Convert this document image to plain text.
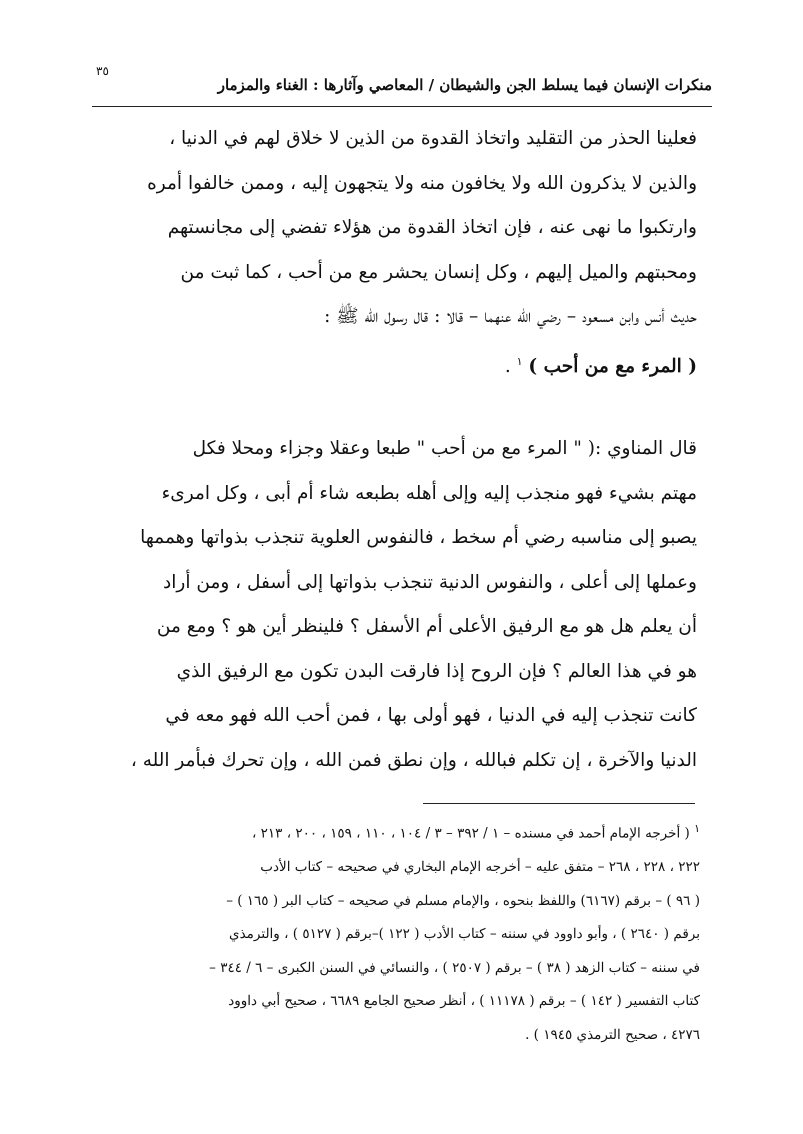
منكرات الإنسان فيما يسلط الجن والشيطان / المعاصي وآثارها : الغناء والمزمار
٣٥
فعلينا الحذر من التقليد واتخاذ القدوة من الذين لا خلاق لهم في الدنيا ،
والذين لا يذكرون الله ولا يخافون منه ولا يتجهون إليه ، وممن خالفوا أمره
وارتكبوا ما نهى عنه ، فإن اتخاذ القدوة من هؤلاء تفضي إلى مجانستهم
ومحبتهم والميل إليهم ، وكل إنسان يحشر مع من أحب ، كما ثبت من
حديث أنس وابن مسعود – رضي الله عنهما – قالا : قال رسول الله ﷺ :
( المرء مع من أحب ) $^١$ .
قال المناوي :( " المرء مع من أحب " طبعا وعقلا وجزاء ومحلا فكل
مهتم بشيء فهو منجذب إليه وإلى أهله بطبعه شاء أم أبى ، وكل امرىء
يصبو إلى مناسبه رضي أم سخط ، فالنفوس العلوية تنجذب بذواتها وهممها
وعملها إلى أعلى ، والنفوس الدنية تنجذب بذواتها إلى أسفل ، ومن أراد
أن يعلم هل هو مع الرفيق الأعلى أم الأسفل ؟ فلينظر أين هو ؟ ومع من
هو في هذا العالم ؟ فإن الروح إذا فارقت البدن تكون مع الرفيق الذي
كانت تنجذب إليه في الدنيا ، فهو أولى بها ، فمن أحب الله فهو معه في
الدنيا والآخرة ، إن تكلم فبالله ، وإن نطق فمن الله ، وإن تحرك فبأمر الله ،
$^١$ ( أخرجه الإمام أحمد في مسنده – ١ / ٣٩٢ – ٣ / ١٠٤ ، ١١٠ ، ١٥٩ ، ٢٠٠ ، ٢١٣ ،
٢٢٢ ، ٢٢٨ ، ٢٦٨ – متفق عليه – أخرجه الإمام البخاري في صحيحه – كتاب الأدب
( ٩٦ ) – برقم (٦١٦٧) واللفظ بنحوه ، والإمام مسلم في صحيحه – كتاب البر ( ١٦٥ ) –
برقم ( ٢٦٤٠ ) ، وأبو داوود في سننه – كتاب الأدب ( ١٢٢ )–برقم ( ٥١٢٧ ) ، والترمذي
في سننه – كتاب الزهد ( ٣٨ ) – برقم ( ٢٥٠٧ ) ، والنسائي في السنن الكبرى – ٦ / ٣٤٤ –
كتاب التفسير ( ١٤٢ ) – برقم ( ١١١٧٨ ) ، أنظر صحيح الجامع ٦٦٨٩ ، صحيح أبي داوود
٤٢٧٦ ، صحيح الترمذي ١٩٤٥ ) .
